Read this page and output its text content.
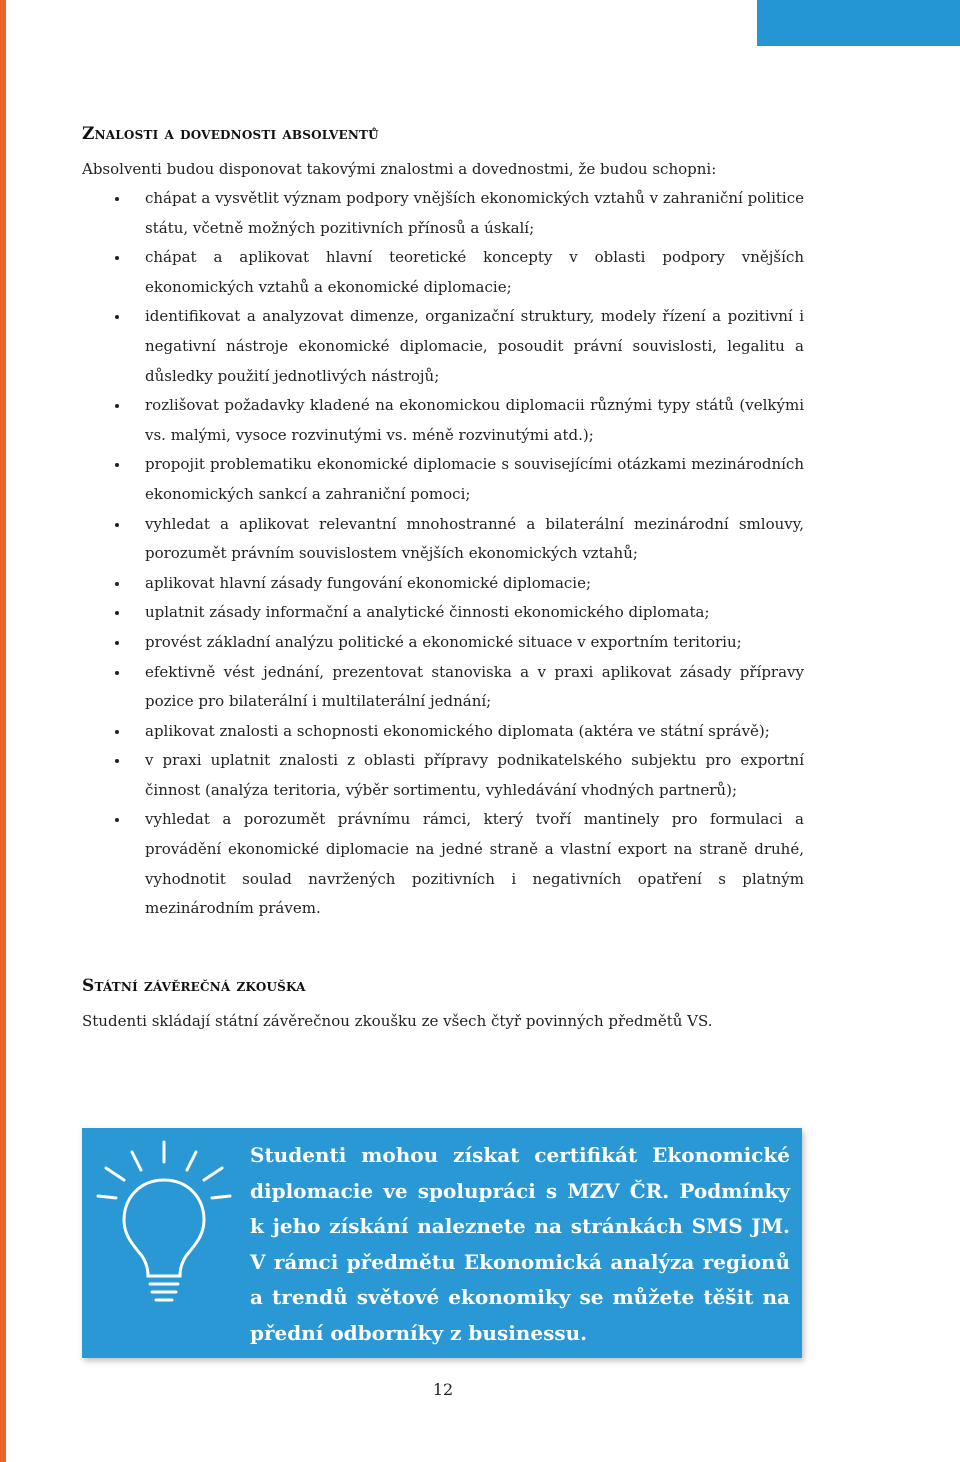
Znalosti a dovednosti absolventů

Absolventi budou disponovat takovými znalostmi a dovednostmi, že budou schopni:

chápat a vysvětlit význam podpory vnějších ekonomických vztahů v zahraniční politice státu, včetně možných pozitivních přínosů a úskalí;
chápat a aplikovat hlavní teoretické koncepty v oblasti podpory vnějších ekonomických vztahů a ekonomické diplomacie;
identifikovat a analyzovat dimenze, organizační struktury, modely řízení a pozitivní i negativní nástroje ekonomické diplomacie, posoudit právní souvislosti, legalitu a důsledky použití jednotlivých nástrojů;
rozlišovat požadavky kladené na ekonomickou diplomacii různými typy států (velkými vs. malými, vysoce rozvinutými vs. méně rozvinutými atd.);
propojit problematiku ekonomické diplomacie s souvisejícími otázkami mezinárodních ekonomických sankcí a zahraniční pomoci;
vyhledat a aplikovat relevantní mnohostranné a bilaterální mezinárodní smlouvy, porozumět právním souvislostem vnějších ekonomických vztahů;
aplikovat hlavní zásady fungování ekonomické diplomacie;
uplatnit zásady informační a analytické činnosti ekonomického diplomata;
provést základní analýzu politické a ekonomické situace v exportním teritoriu;
efektivně vést jednání, prezentovat stanoviska a v praxi aplikovat zásady přípravy pozice pro bilaterální i multilaterální jednání;
aplikovat znalosti a schopnosti ekonomického diplomata (aktéra ve státní správě);
v praxi uplatnit znalosti z oblasti přípravy podnikatelského subjektu pro exportní činnost (analýza teritoria, výběr sortimentu, vyhledávání vhodných partnerů);
vyhledat a porozumět právnímu rámci, který tvoří mantinely pro formulaci a provádění ekonomické diplomacie na jedné straně a vlastní export na straně druhé, vyhodnotit soulad navržených pozitivních i negativních opatření s platným mezinárodním právem.
Státní závěrečná zkouška

Studenti skládají státní závěrečnou zkoušku ze všech čtyř povinných předmětů VS.

Studenti mohou získat certifikát Ekonomické diplomacie ve spolupráci s MZV ČR. Podmínky k jeho získání naleznete na stránkách SMS JM. V rámci předmětu Ekonomická analýza regionů a trendů světové ekonomiky se můžete těšit na přední odborníky z businessu.

12
